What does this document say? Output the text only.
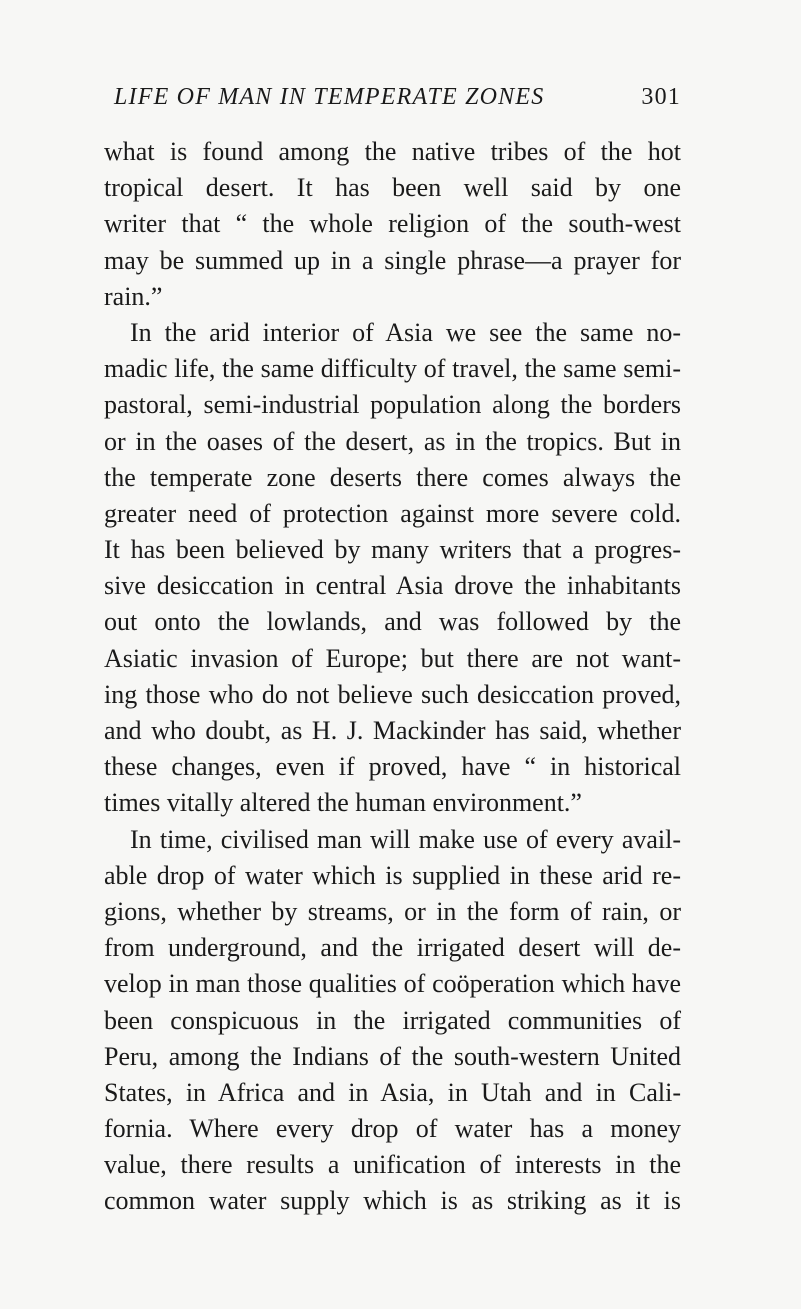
LIFE OF MAN IN TEMPERATE ZONES	301
what is found among the native tribes of the hot
tropical desert. It has been well said by one
writer that “ the whole religion of the south-west
may be summed up in a single phrase—a prayer for
rain.”
In the arid interior of Asia we see the same no-
madic life, the same difficulty of travel, the same semi-
pastoral, semi-industrial population along the borders
or in the oases of the desert, as in the tropics. But in
the temperate zone deserts there comes always the
greater need of protection against more severe cold.
It has been believed by many writers that a progres-
sive desiccation in central Asia drove the inhabitants
out onto the lowlands, and was followed by the
Asiatic invasion of Europe; but there are not want-
ing those who do not believe such desiccation proved,
and who doubt, as H. J. Mackinder has said, whether
these changes, even if proved, have “ in historical
times vitally altered the human environment.”
In time, civilised man will make use of every avail-
able drop of water which is supplied in these arid re-
gions, whether by streams, or in the form of rain, or
from underground, and the irrigated desert will de-
velop in man those qualities of coöperation which have
been conspicuous in the irrigated communities of
Peru, among the Indians of the south-western United
States, in Africa and in Asia, in Utah and in Cali-
fornia. Where every drop of water has a money
value, there results a unification of interests in the
common water supply which is as striking as it is
